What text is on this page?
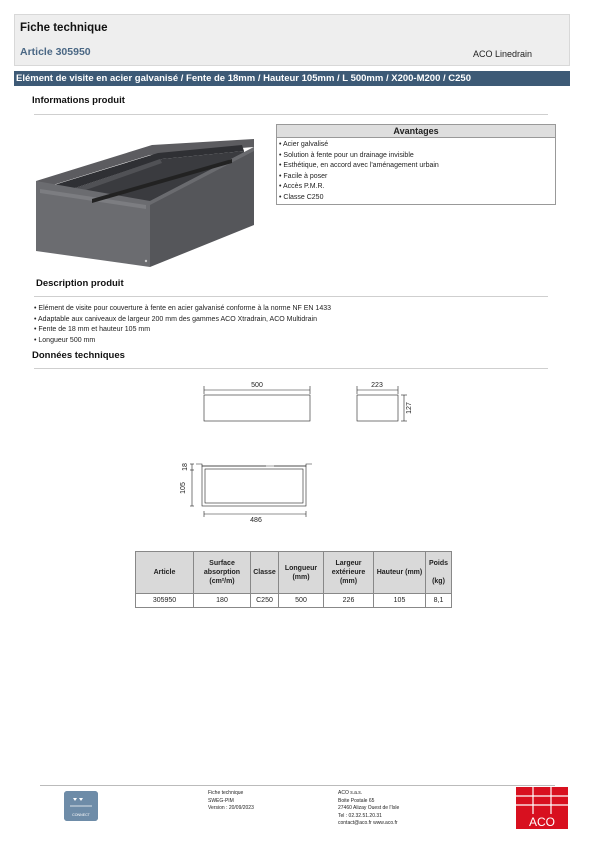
Fiche technique
Article 305950	ACO Linedrain
Elément de visite en acier galvanisé / Fente de 18mm / Hauteur 105mm / L 500mm / X200-M200 / C250
Informations produit
Avantages
• Acier galvalisé
• Solution à fente pour un drainage invisible
• Esthétique, en accord avec l'aménagement urbain
• Facile à poser
• Accès P.M.R.
• Classe C250
Description produit
• Elément de visite pour couverture à fente en acier galvanisé conforme à la norme NF EN 1433
• Adaptable aux caniveaux de largeur 200 mm des gammes ACO Xtradrain, ACO Multidrain
• Fente de 18 mm et hauteur 105 mm
• Longueur 500 mm
Données techniques
500	223
127
18
105
486
Article	Surface absorption (cm²/m)	Classe	Longueur (mm)	Largeur extérieure (mm)	Hauteur (mm)	Poids

(kg)
305950	180	C250	500	226	105	8,1
CONNECT
Fiche technique
SWEG-PIM
Version : 20/09/2023
ACO s.a.s.
Boite Postale 65
27460 Alizay Ouest de l'Isle
Tel : 02.32.51.20.31
contact@aco.fr www.aco.fr	ACO
